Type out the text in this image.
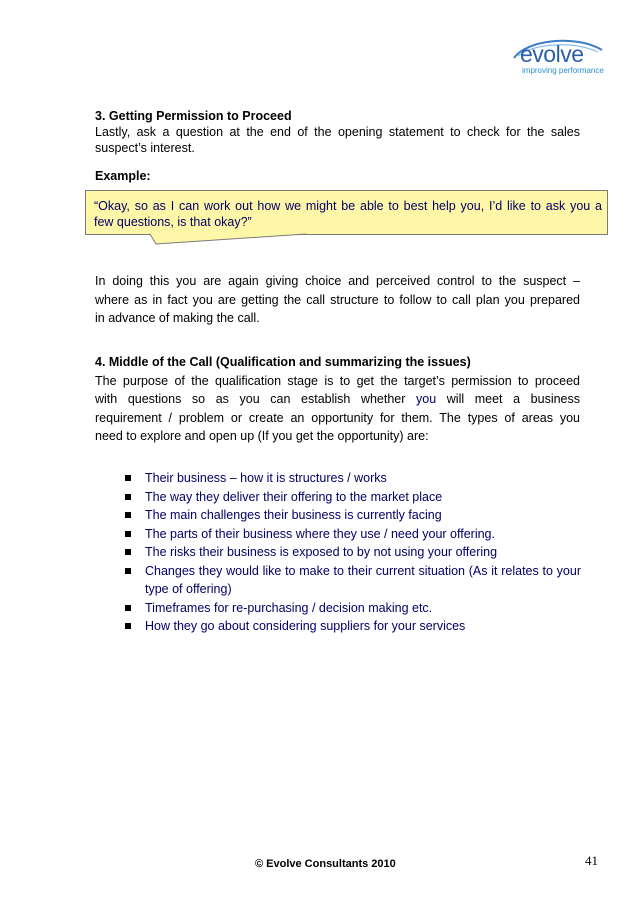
evolve
improving performance
3. Getting Permission to Proceed
Lastly, ask a question at the end of the opening statement to check for the sales
suspect’s interest.
Example:
“Okay, so as I can work out how we might be able to best help you, I’d like to ask you a
few questions, is that okay?”
In doing this you are again giving choice and perceived control to the suspect –
where as in fact you are getting the call structure to follow to call plan you prepared
in advance of making the call.
4. Middle of the Call (Qualification and summarizing the issues)
The purpose of the qualification stage is to get the target’s permission to proceed
with questions so as you can establish whether you will meet a business
requirement / problem or create an opportunity for them. The types of areas you
need to explore and open up (If you get the opportunity) are:
Their business – how it is structures / works
The way they deliver their offering to the market place
The main challenges their business is currently facing
The parts of their business where they use / need your offering.
The risks their business is exposed to by not using your offering
Changes they would like to make to their current situation (As it relates to your type of offering)
Timeframes for re-purchasing / decision making etc.
How they go about considering suppliers for your services
© Evolve Consultants 2010	41
